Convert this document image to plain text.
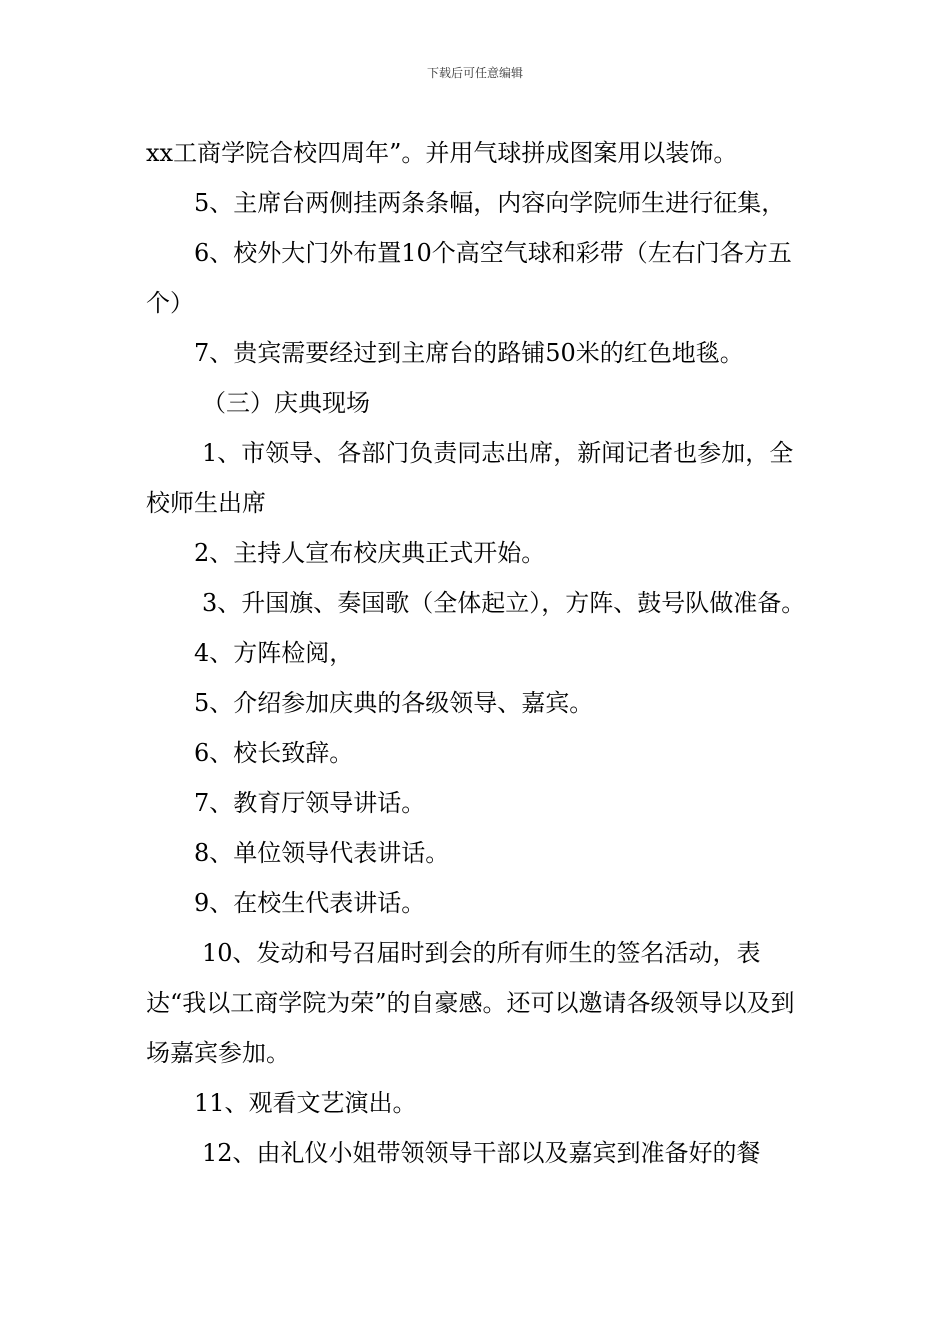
下载后可任意编辑

xx工商学院合校四周年”。并用气球拼成图案用以装饰。

5、主席台两侧挂两条条幅，内容向学院师生进行征集，

6、校外大门外布置10个高空气球和彩带（左右门各方五个）

7、贵宾需要经过到主席台的路铺50米的红色地毯。

（三）庆典现场

1、市领导、各部门负责同志出席，新闻记者也参加，全校师生出席

2、主持人宣布校庆典正式开始。

3、升国旗、奏国歌（全体起立），方阵、鼓号队做准备。

4、方阵检阅，

5、介绍参加庆典的各级领导、嘉宾。

6、校长致辞。

7、教育厅领导讲话。

8、单位领导代表讲话。

9、在校生代表讲话。

10、发动和号召届时到会的所有师生的签名活动，表达“我以工商学院为荣”的自豪感。还可以邀请各级领导以及到场嘉宾参加。

11、观看文艺演出。

12、由礼仪小姐带领领导干部以及嘉宾到准备好的餐
